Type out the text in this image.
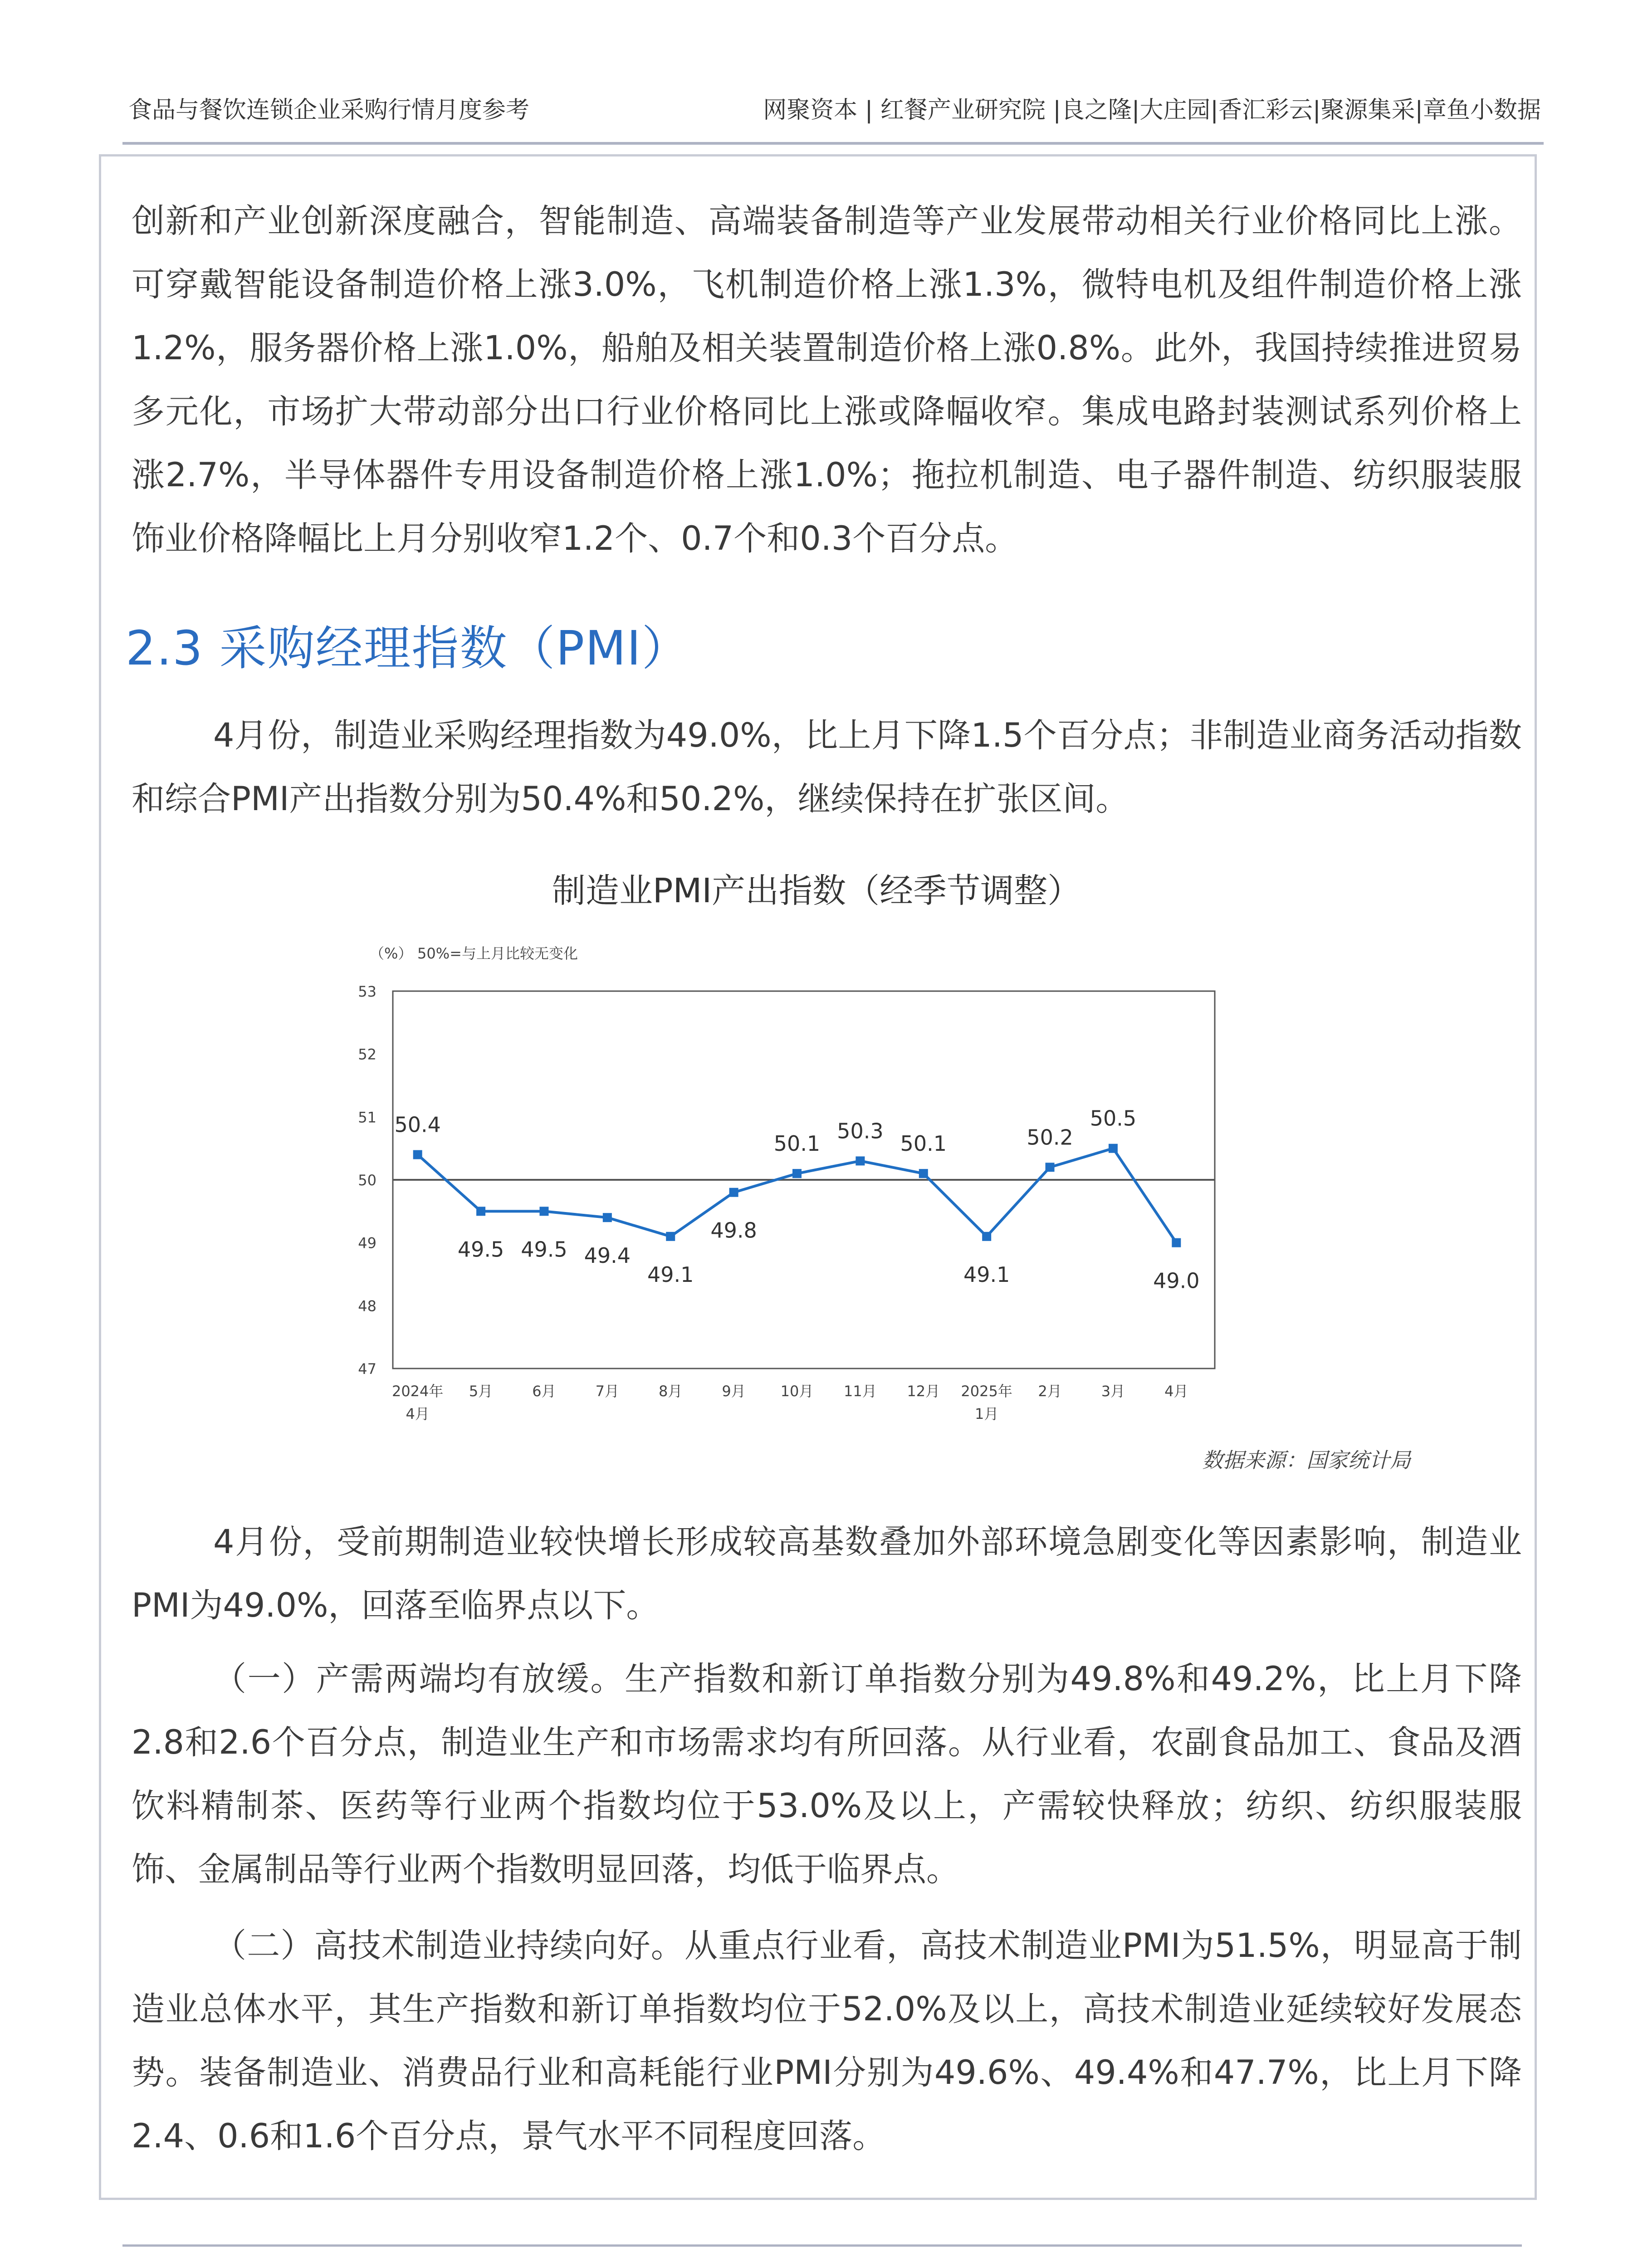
食品与餐饮连锁企业采购行情月度参考	网聚资本 | 红餐产业研究院 |良之隆|大庄园|香汇彩云|聚源集采|章鱼小数据
创新和产业创新深度融合，智能制造、高端装备制造等产业发展带动相关行业价格同比上涨。可穿戴智能设备制造价格上涨3.0%，飞机制造价格上涨1.3%，微特电机及组件制造价格上涨1.2%，服务器价格上涨1.0%，船舶及相关装置制造价格上涨0.8%。此外，我国持续推进贸易多元化，市场扩大带动部分出口行业价格同比上涨或降幅收窄。集成电路封装测试系列价格上涨2.7%，半导体器件专用设备制造价格上涨1.0%；拖拉机制造、电子器件制造、纺织服装服饰业价格降幅比上月分别收窄1.2个、0.7个和0.3个百分点。
2.3 采购经理指数（PMI）
4月份，制造业采购经理指数为49.0%，比上月下降1.5个百分点；非制造业商务活动指数和综合PMI产出指数分别为50.4%和50.2%，继续保持在扩张区间。
制造业PMI产出指数（经季节调整）
（%） 50%=与上月比较无变化
47
48
49
50
51
52
53
50.4
49.5 49.5 49.4
49.1
49.8
50.1
50.3
50.1
49.1
50.2
50.5
49.0
2024年
4月
5月	6月	7月	8月	9月 10月 11月 12月 2025年
1月
2月	3月	4月
数据来源：国家统计局
4月份，受前期制造业较快增长形成较高基数叠加外部环境急剧变化等因素影响，制造业PMI为49.0%，回落至临界点以下。
（一）产需两端均有放缓。生产指数和新订单指数分别为49.8%和49.2%，比上月下降2.8和2.6个百分点，制造业生产和市场需求均有所回落。从行业看，农副食品加工、食品及酒饮料精制茶、医药等行业两个指数均位于53.0%及以上，产需较快释放；纺织、纺织服装服饰、金属制品等行业两个指数明显回落，均低于临界点。
（二）高技术制造业持续向好。从重点行业看，高技术制造业PMI为51.5%，明显高于制造业总体水平，其生产指数和新订单指数均位于52.0%及以上，高技术制造业延续较好发展态势。装备制造业、消费品行业和高耗能行业PMI分别为49.6%、49.4%和47.7%，比上月下降2.4、0.6和1.6个百分点，景气水平不同程度回落。
